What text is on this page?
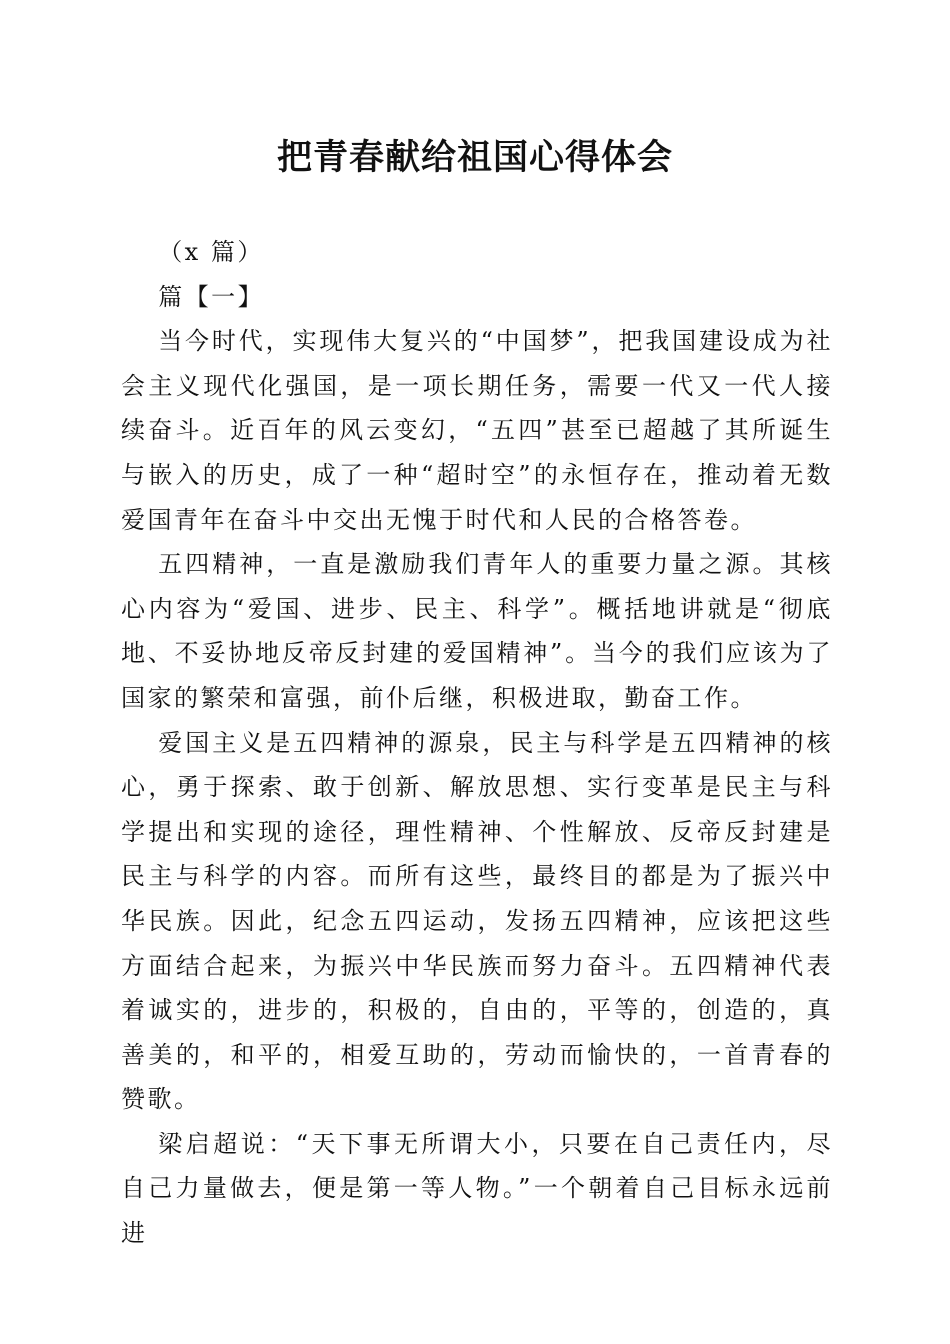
把青春献给祖国心得体会

（x 篇）

篇【一】

当今时代，实现伟大复兴的“中国梦”，把我国建设成为社会主义现代化强国，是一项长期任务，需要一代又一代人接续奋斗。近百年的风云变幻，“五四”甚至已超越了其所诞生与嵌入的历史，成了一种“超时空”的永恒存在，推动着无数爱国青年在奋斗中交出无愧于时代和人民的合格答卷。

五四精神，一直是激励我们青年人的重要力量之源。其核心内容为“爱国、进步、民主、科学”。概括地讲就是“彻底地、不妥协地反帝反封建的爱国精神”。当今的我们应该为了国家的繁荣和富强，前仆后继，积极进取，勤奋工作。

爱国主义是五四精神的源泉，民主与科学是五四精神的核心，勇于探索、敢于创新、解放思想、实行变革是民主与科学提出和实现的途径，理性精神、个性解放、反帝反封建是民主与科学的内容。而所有这些，最终目的都是为了振兴中华民族。因此，纪念五四运动，发扬五四精神，应该把这些方面结合起来，为振兴中华民族而努力奋斗。五四精神代表着诚实的，进步的，积极的，自由的，平等的，创造的，真善美的，和平的，相爱互助的，劳动而愉快的，一首青春的赞歌。

梁启超说：“天下事无所谓大小，只要在自己责任内，尽自己力量做去，便是第一等人物。”一个朝着自己目标永远前进
